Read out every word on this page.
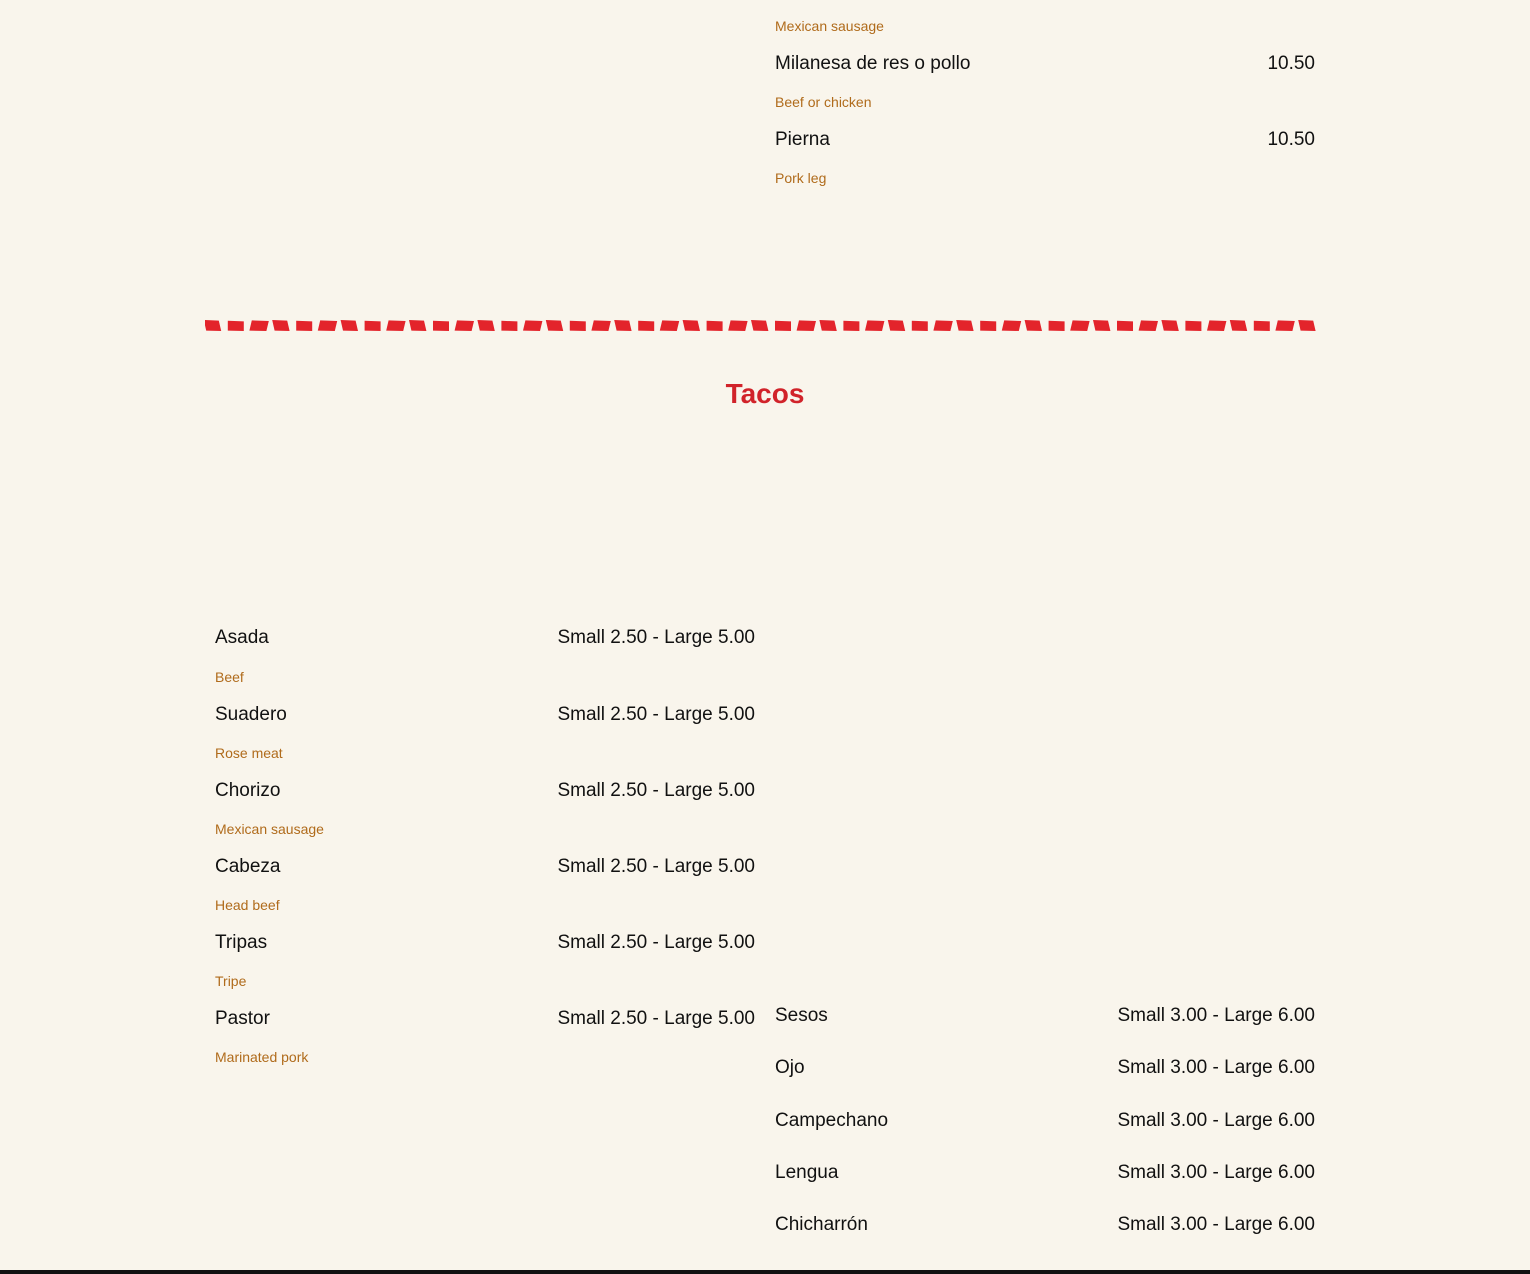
Mexican sausage
Milanesa de res o pollo	10.50
Beef or chicken
Pierna	10.50
Pork leg
Tacos
Asada	Small 2.50 - Large 5.00
Beef
Suadero	Small 2.50 - Large 5.00
Rose meat
Chorizo	Small 2.50 - Large 5.00
Mexican sausage
Cabeza	Small 2.50 - Large 5.00
Head beef
Tripas	Small 2.50 - Large 5.00
Tripe
Pastor	Small 2.50 - Large 5.00
Marinated pork
Sesos	Small 3.00 - Large 6.00
Ojo	Small 3.00 - Large 6.00
Campechano	Small 3.00 - Large 6.00
Lengua	Small 3.00 - Large 6.00
Chicharrón	Small 3.00 - Large 6.00
